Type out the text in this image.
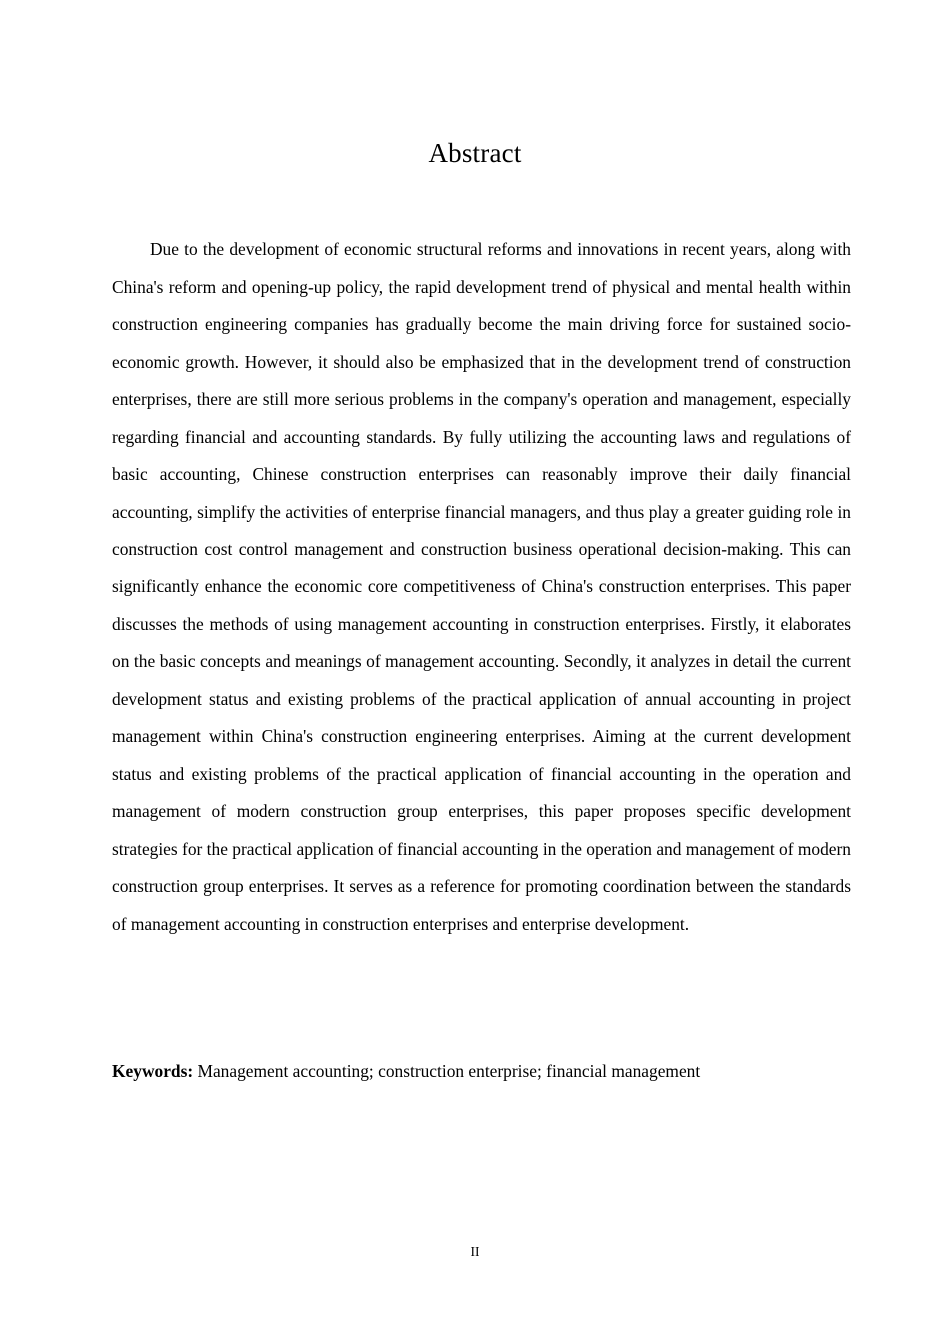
Abstract

Due to the development of economic structural reforms and innovations in recent years, along with China's reform and opening-up policy, the rapid development trend of physical and mental health within construction engineering companies has gradually become the main driving force for sustained socio-economic growth. However, it should also be emphasized that in the development trend of construction enterprises, there are still more serious problems in the company's operation and management, especially regarding financial and accounting standards. By fully utilizing the accounting laws and regulations of basic accounting, Chinese construction enterprises can reasonably improve their daily financial accounting, simplify the activities of enterprise financial managers, and thus play a greater guiding role in construction cost control management and construction business operational decision-making. This can significantly enhance the economic core competitiveness of China's construction enterprises. This paper discusses the methods of using management accounting in construction enterprises. Firstly, it elaborates on the basic concepts and meanings of management accounting. Secondly, it analyzes in detail the current development status and existing problems of the practical application of annual accounting in project management within China's construction engineering enterprises. Aiming at the current development status and existing problems of the practical application of financial accounting in the operation and management of modern construction group enterprises, this paper proposes specific development strategies for the practical application of financial accounting in the operation and management of modern construction group enterprises. It serves as a reference for promoting coordination between the standards of management accounting in construction enterprises and enterprise development.

Keywords: Management accounting; construction enterprise; financial management

II
